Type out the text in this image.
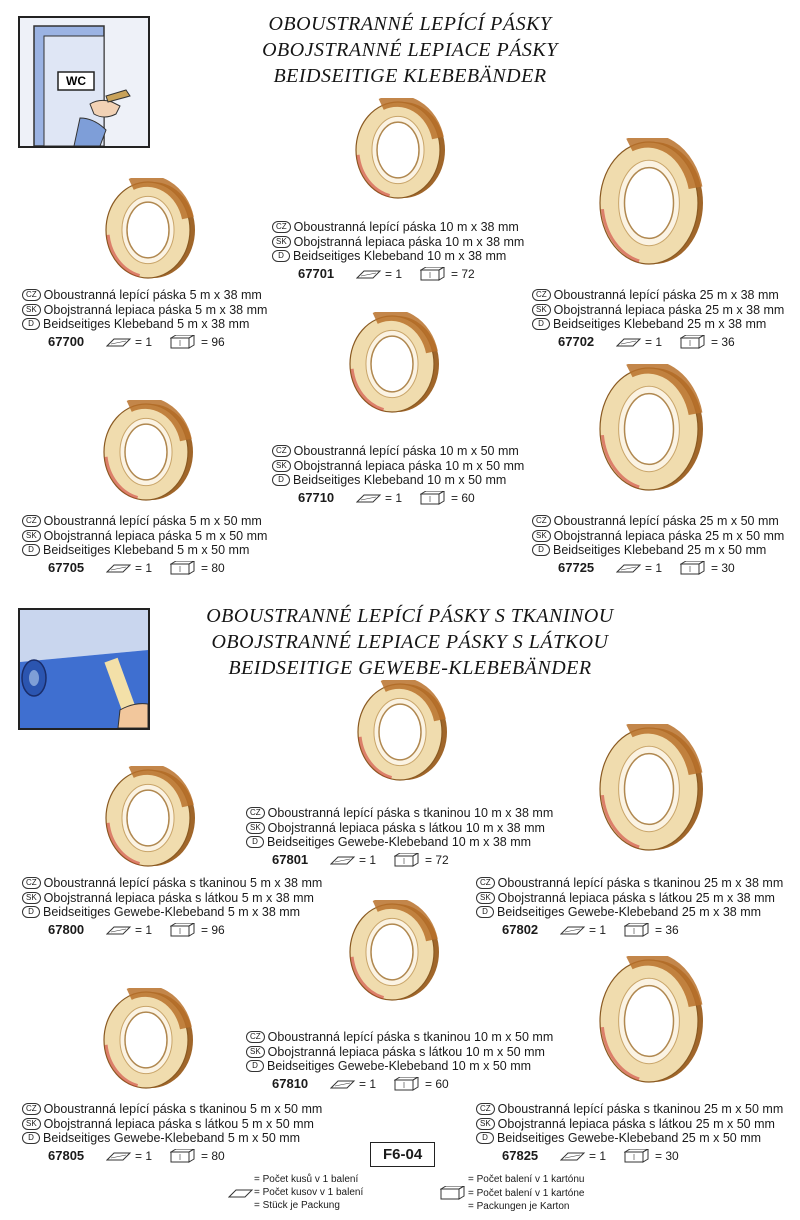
WC
OBOUSTRANNÉ LEPÍCÍ PÁSKY
OBOJSTRANNÉ LEPIACE PÁSKY
BEIDSEITIGE KLEBEBÄNDER
OBOUSTRANNÉ LEPÍCÍ PÁSKY S TKANINOU
OBOJSTRANNÉ LEPIACE PÁSKY S LÁTKOU
BEIDSEITIGE GEWEBE-KLEBEBÄNDER
CZ Oboustranná lepící páska 5 m x 38 mm
SK Obojstranná lepiaca páska 5 m x 38 mm
D Beidseitiges Klebeband 5 m x 38 mm
67700	= 1	= 96
CZ Oboustranná lepící páska 10 m x 38 mm
SK Obojstranná lepiaca páska 10 m x 38 mm
D Beidseitiges Klebeband 10 m x 38 mm
67701	= 1	= 72
CZ Oboustranná lepící páska 25 m x 38 mm
SK Obojstranná lepiaca páska 25 m x 38 mm
D Beidseitiges Klebeband 25 m x 38 mm
67702	= 1	= 36
CZ Oboustranná lepící páska 5 m x 50 mm
SK Obojstranná lepiaca páska 5 m x 50 mm
D Beidseitiges Klebeband 5 m x 50 mm
67705	= 1	= 80
CZ Oboustranná lepící páska 10 m x 50 mm
SK Obojstranná lepiaca páska 10 m x 50 mm
D Beidseitiges Klebeband 10 m x 50 mm
67710	= 1	= 60
CZ Oboustranná lepící páska 25 m x 50 mm
SK Obojstranná lepiaca páska 25 m x 50 mm
D Beidseitiges Klebeband 25 m x 50 mm
67725	= 1	= 30
CZ Oboustranná lepící páska s tkaninou 5 m x 38 mm
SK Obojstranná lepiaca páska s látkou 5 m x 38 mm
D Beidseitiges Gewebe-Klebeband 5 m x 38 mm
67800	= 1	= 96
CZ Oboustranná lepící páska s tkaninou 10 m x 38 mm
SK Obojstranná lepiaca páska s látkou 10 m x 38 mm
D Beidseitiges Gewebe-Klebeband 10 m x 38 mm
67801	= 1	= 72
CZ Oboustranná lepící páska s tkaninou 25 m x 38 mm
SK Obojstranná lepiaca páska s látkou 25 m x 38 mm
D Beidseitiges Gewebe-Klebeband 25 m x 38 mm
67802	= 1	= 36
CZ Oboustranná lepící páska s tkaninou 5 m x 50 mm
SK Obojstranná lepiaca páska s látkou 5 m x 50 mm
D Beidseitiges Gewebe-Klebeband 5 m x 50 mm
67805	= 1	= 80
CZ Oboustranná lepící páska s tkaninou 10 m x 50 mm
SK Obojstranná lepiaca páska s látkou 10 m x 50 mm
D Beidseitiges Gewebe-Klebeband 10 m x 50 mm
67810	= 1	= 60
CZ Oboustranná lepící páska s tkaninou 25 m x 50 mm
SK Obojstranná lepiaca páska s látkou 25 m x 50 mm
D Beidseitiges Gewebe-Klebeband 25 m x 50 mm
67825	= 1	= 30
F6-04
= Počet kusů v 1 balení
= Počet kusov v 1 balení
= Stück je Packung
= Počet balení v 1 kartónu
= Počet balení v 1 kartóne
= Packungen je Karton
